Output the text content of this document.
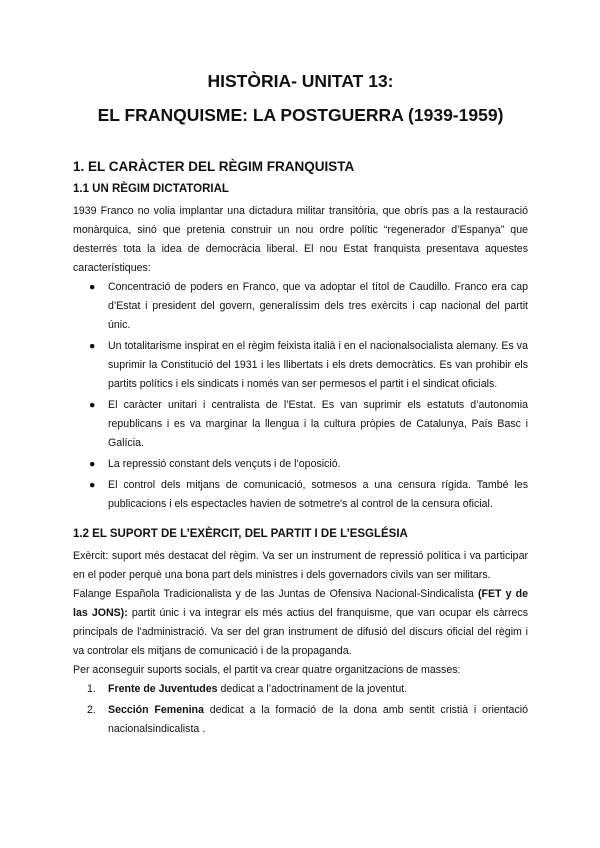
HISTÒRIA- UNITAT 13:
EL FRANQUISME: LA POSTGUERRA (1939-1959)
1. EL CARÀCTER DEL RÈGIM FRANQUISTA
1.1 UN RÈGIM DICTATORIAL

1939 Franco no volia implantar una dictadura militar transitòria, que obrís pas a la restauració monàrquica, sinó que pretenia construir un nou ordre polític “regenerador d’Espanya” que desterrés tota la idea de democràcia liberal. El nou Estat franquista presentava aquestes característiques:

● Concentració de poders en Franco, que va adoptar el títol de Caudillo. Franco era cap d’Estat i president del govern, generalíssim dels tres exèrcits i cap nacional del partit únic.
● Un totalitarisme inspirat en el règim feixista italià i en el nacionalsocialista alemany. Es va suprimir la Constitució del 1931 i les llibertats i els drets democràtics. Es van prohibir els partits polítics i els sindicats i només van ser permesos el partit i el sindicat oficials.
● El caràcter unitari i centralista de l’Estat. Es van suprimir els estatuts d’autonomia republicans i es va marginar la llengua i la cultura pròpies de Catalunya, País Basc i Galícia.
● La repressió constant dels vençuts i de l’oposició.
● El control dels mitjans de comunicació, sotmesos a una censura rígida. També les publicacions i els espectacles havien de sotmetre's al control de la censura oficial.
1.2 EL SUPORT DE L’EXÈRCIT, DEL PARTIT I DE L’ESGLÉSIA

Exèrcit: suport més destacat del règim. Va ser un instrument de repressió política i va participar en el poder perquè una bona part dels ministres i dels governadors civils van ser militars.

Falange Española Tradicionalista y de las Juntas de Ofensiva Nacional-Sindicalista (FET y de las JONS): partit únic i va integrar els més actius del franquisme, que van ocupar els càrrecs principals de l’administració. Va ser del gran instrument de difusió del discurs oficial del règim i va controlar els mitjans de comunicació i de la propaganda.

Per aconseguir suports socials, el partit va crear quatre organitzacions de masses:

1. Frente de Juventudes dedicat a l’adoctrinament de la joventut.
2. Sección Femenina dedicat a la formació de la dona amb sentit cristià i orientació nacionalsindicalista .
